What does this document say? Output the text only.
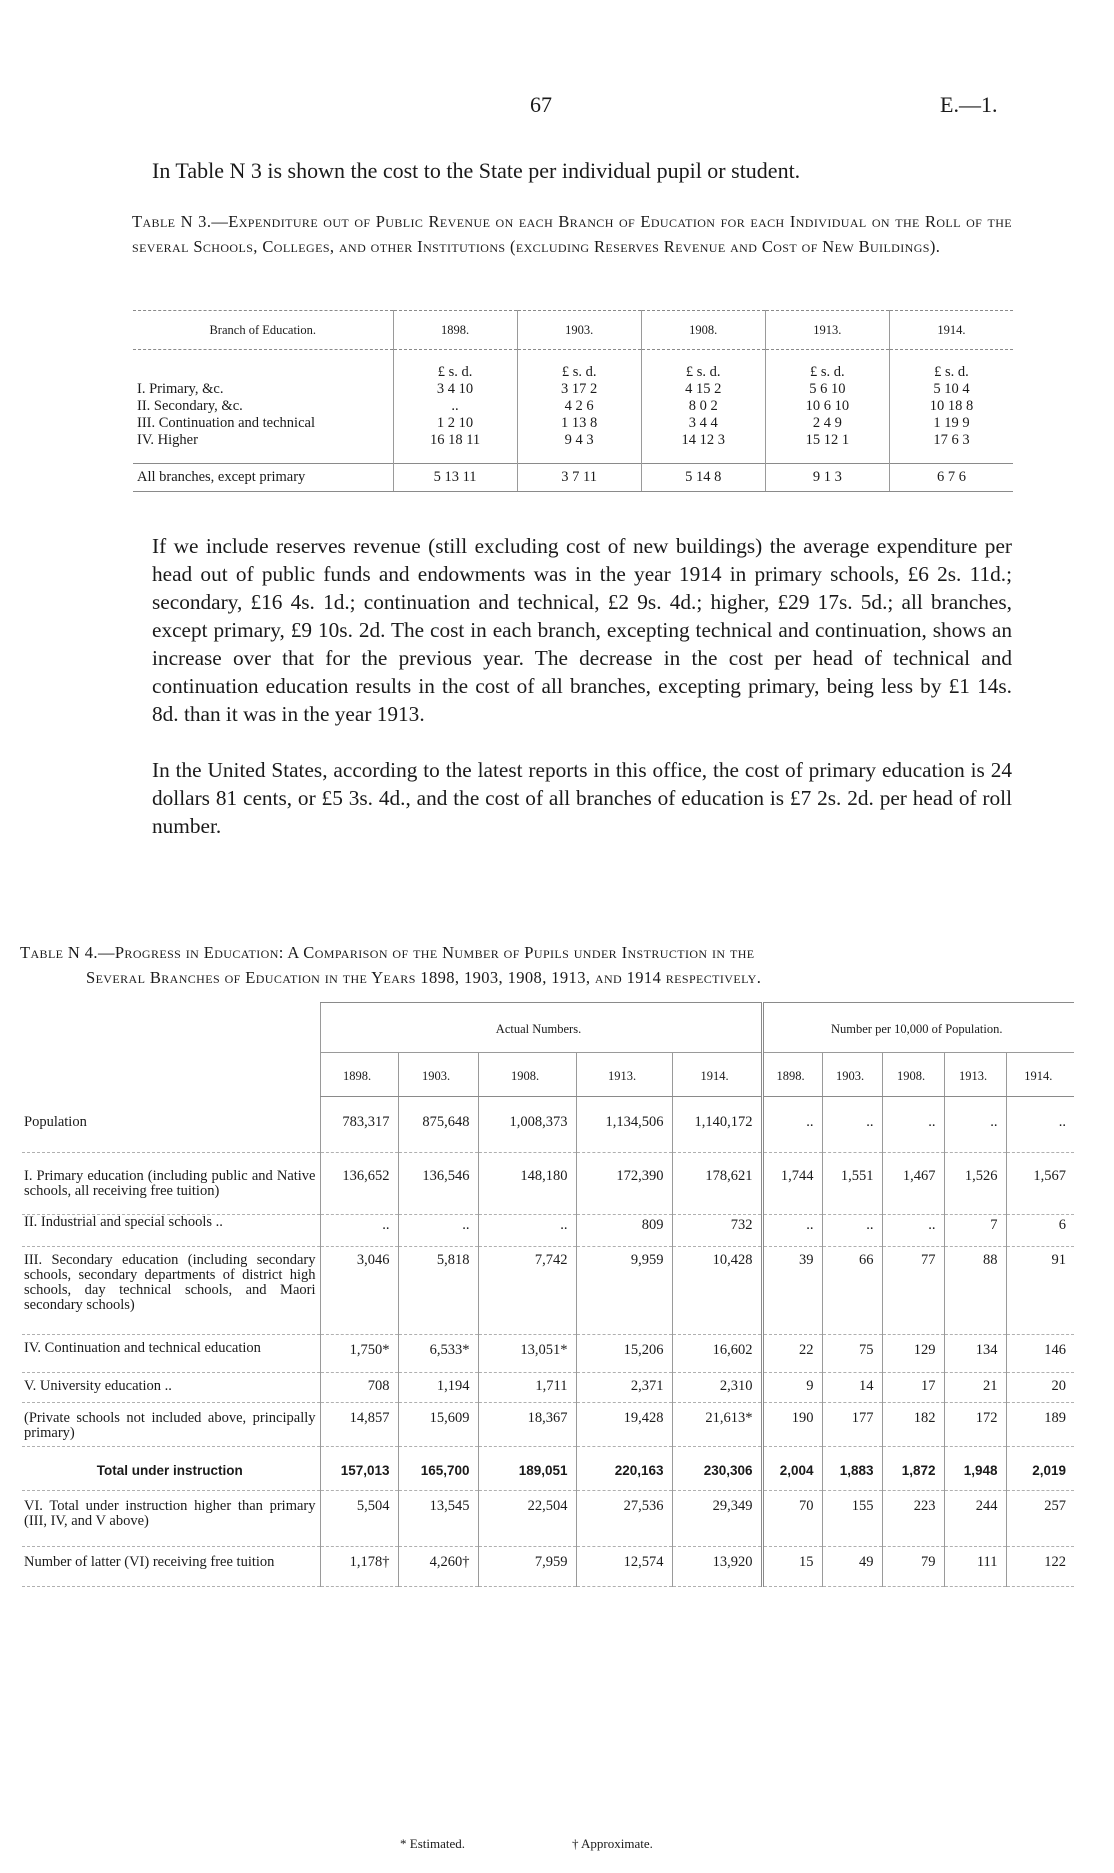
67	E.—1.
In Table N 3 is shown the cost to the State per individual pupil or student.
Table N 3.—Expenditure out of Public Revenue on each Branch of Education for each Individual on the Roll of the several Schools, Colleges, and other Institutions (excluding Reserves Revenue and Cost of New Buildings).
Branch of Education.	1898.	1903.	1908.	1913.	1914.

	£ s. d.	£ s. d.	£ s. d.	£ s. d.	£ s. d.
I. Primary, &c.	3 4 10	3 17 2	4 15 2	5 6 10	5 10 4
II. Secondary, &c.	..	4 2 6	8 0 2	10 6 10	10 18 8
III. Continuation and technical	1 2 10	1 13 8	3 4 4	2 4 9	1 19 9
IV. Higher	16 18 11	9 4 3	14 12 3	15 12 1	17 6 3

All branches, except primary	5 13 11	3 7 11	5 14 8	9 1 3	6 7 6

If we include reserves revenue (still excluding cost of new buildings) the average expenditure per head out of public funds and endowments was in the year 1914 in primary schools, £6 2s. 11d.; secondary, £16 4s. 1d.; continuation and technical, £2 9s. 4d.; higher, £29 17s. 5d.; all branches, except primary, £9 10s. 2d. The cost in each branch, excepting technical and continuation, shows an increase over that for the previous year. The decrease in the cost per head of technical and continuation education results in the cost of all branches, excepting primary, being less by £1 14s. 8d. than it was in the year 1913.

In the United States, according to the latest reports in this office, the cost of primary education is 24 dollars 81 cents, or £5 3s. 4d., and the cost of all branches of education is £7 2s. 2d. per head of roll number.

Table N 4.—Progress in Education: A Comparison of the Number of Pupils under Instruction in the
Several Branches of Education in the Years 1898, 1903, 1908, 1913, and 1914 respectively.
	Actual Numbers.					Number per 10,000 of Population.				
	1898.	1903.	1908.	1913.	1914.	1898.	1903.	1908.	1913.	1914.
Population	783,317	875,648	1,008,373	1,134,506	1,140,172	..	..	..	..	..
I. Primary education (including public and Native schools, all receiving free tuition)	136,652	136,546	148,180	172,390	178,621	1,744	1,551	1,467	1,526	1,567
II. Industrial and special schools ..	..	..	..	809	732	..	..	..	7	6
III. Secondary education (including secondary schools, secondary departments of district high schools, day technical schools, and Maori secondary schools)	3,046	5,818	7,742	9,959	10,428	39	66	77	88	91
IV. Continuation and technical education	1,750*	6,533*	13,051*	15,206	16,602	22	75	129	134	146
V. University education ..	708	1,194	1,711	2,371	2,310	9	14	17	21	20
(Private schools not included above, principally primary)	14,857	15,609	18,367	19,428	21,613*	190	177	182	172	189
Total under instruction	157,013	165,700	189,051	220,163	230,306	2,004	1,883	1,872	1,948	2,019
VI. Total under instruction higher than primary (III, IV, and V above)	5,504	13,545	22,504	27,536	29,349	70	155	223	244	257
Number of latter (VI) receiving free tuition	1,178†	4,260†	7,959	12,574	13,920	15	49	79	111	122
* Estimated.	† Approximate.
